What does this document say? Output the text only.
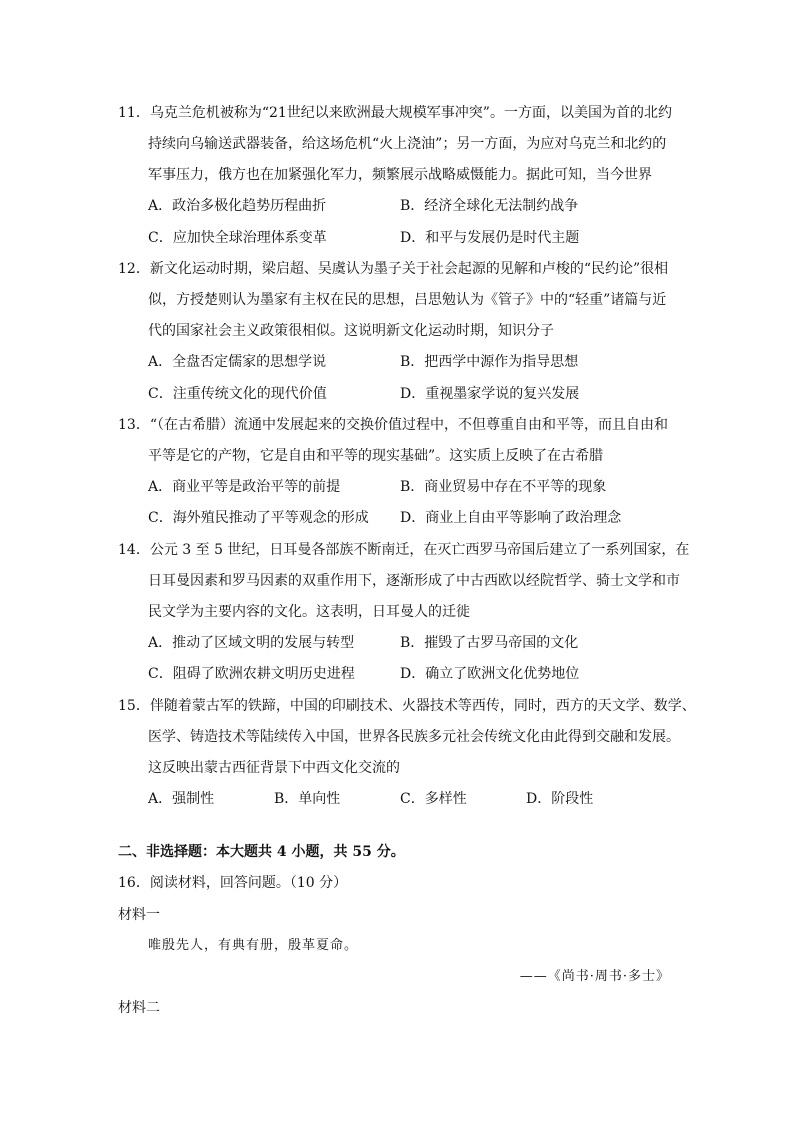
11．乌克兰危机被称为“21世纪以来欧洲最大规模军事冲突”。一方面，以美国为首的北约
持续向乌输送武器装备，给这场危机“火上浇油”；另一方面，为应对乌克兰和北约的
军事压力，俄方也在加紧强化军力，频繁展示战略威慑能力。据此可知，当今世界
A．政治多极化趋势历程曲折	B．经济全球化无法制约战争
C．应加快全球治理体系变革	D．和平与发展仍是时代主题
12．新文化运动时期，梁启超、吴虞认为墨子关于社会起源的见解和卢梭的“民约论”很相
似，方授楚则认为墨家有主权在民的思想，吕思勉认为《管子》中的“轻重”诸篇与近
代的国家社会主义政策很相似。这说明新文化运动时期，知识分子
A．全盘否定儒家的思想学说	B．把西学中源作为指导思想
C．注重传统文化的现代价值	D．重视墨家学说的复兴发展
13．“（在古希腊）流通中发展起来的交换价值过程中，不但尊重自由和平等，而且自由和
平等是它的产物，它是自由和平等的现实基础”。这实质上反映了在古希腊
A．商业平等是政治平等的前提	B．商业贸易中存在不平等的现象
C．海外殖民推动了平等观念的形成 D．商业上自由平等影响了政治理念
14．公元 3 至 5 世纪，日耳曼各部族不断南迁，在灭亡西罗马帝国后建立了一系列国家，在
日耳曼因素和罗马因素的双重作用下，逐渐形成了中古西欧以经院哲学、骑士文学和市
民文学为主要内容的文化。这表明，日耳曼人的迁徙
A．推动了区域文明的发展与转型	B．摧毁了古罗马帝国的文化
C．阻碍了欧洲农耕文明历史进程	D．确立了欧洲文化优势地位
15．伴随着蒙古军的铁蹄，中国的印刷技术、火器技术等西传，同时，西方的天文学、数学、
医学、铸造技术等陆续传入中国，世界各民族多元社会传统文化由此得到交融和发展。
这反映出蒙古西征背景下中西文化交流的
A．强制性	B．单向性	C．多样性	D．阶段性
二、非选择题：本大题共 4 小题，共 55 分。
16．阅读材料，回答问题。（10 分）
材料一
唯殷先人，有典有册，殷革夏命。
——《尚书·周书·多士》
材料二
